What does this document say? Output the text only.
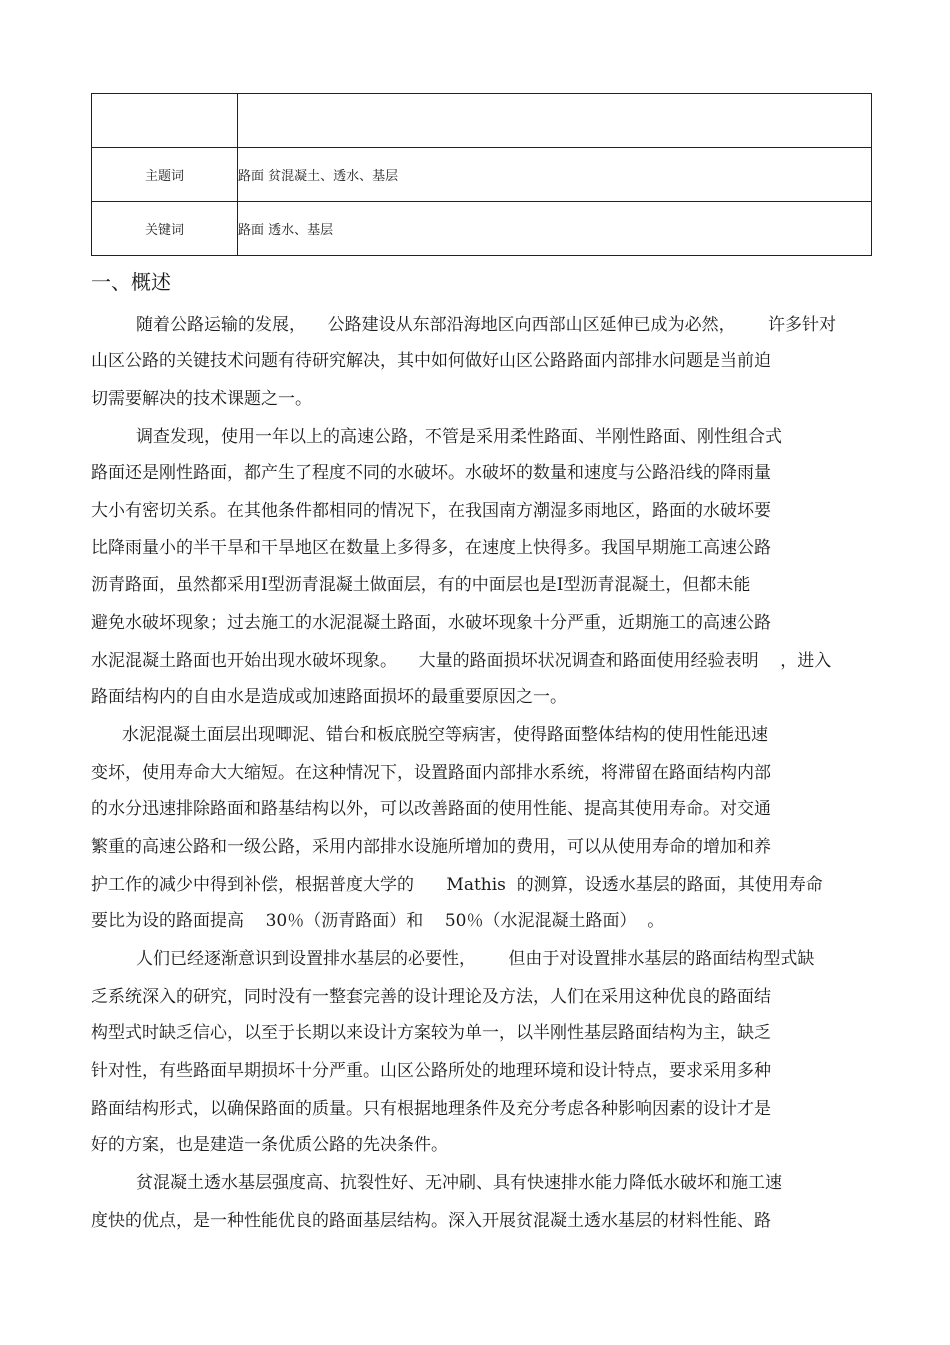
主题词	路面 贫混凝土、透水、基层
关键词	路面 透水、基层
一、概述
随着公路运输的发展，    公路建设从东部沿海地区向西部山区延伸已成为必然，      许多针对
山区公路的关键技术问题有待研究解决，其中如何做好山区公路路面内部排水问题是当前迫
切需要解决的技术课题之一。
调查发现，使用一年以上的高速公路，不管是采用柔性路面、半刚性路面、刚性组合式
路面还是刚性路面，都产生了程度不同的水破坏。水破坏的数量和速度与公路沿线的降雨量
大小有密切关系。在其他条件都相同的情况下，在我国南方潮湿多雨地区，路面的水破坏要
比降雨量小的半干旱和干旱地区在数量上多得多，在速度上快得多。我国早期施工高速公路
沥青路面，虽然都采用Ⅰ型沥青混凝土做面层，有的中面层也是Ⅰ型沥青混凝土，但都未能
避免水破坏现象；过去施工的水泥混凝土路面，水破坏现象十分严重，近期施工的高速公路
水泥混凝土路面也开始出现水破坏现象。    大量的路面损坏状况调查和路面使用经验表明    ，进入
路面结构内的自由水是造成或加速路面损坏的最重要原因之一。
水泥混凝土面层出现唧泥、错台和板底脱空等病害，使得路面整体结构的使用性能迅速
变坏，使用寿命大大缩短。在这种情况下，设置路面内部排水系统，将滞留在路面结构内部
的水分迅速排除路面和路基结构以外，可以改善路面的使用性能、提高其使用寿命。对交通
繁重的高速公路和一级公路，采用内部排水设施所增加的费用，可以从使用寿命的增加和养
护工作的减少中得到补偿，根据普度大学的      Mathis  的测算，设透水基层的路面，其使用寿命
要比为设的路面提高    30％（沥青路面）和    50％（水泥混凝土路面）  。
人们已经逐渐意识到设置排水基层的必要性，      但由于对设置排水基层的路面结构型式缺
乏系统深入的研究，同时没有一整套完善的设计理论及方法，人们在采用这种优良的路面结
构型式时缺乏信心，以至于长期以来设计方案较为单一，以半刚性基层路面结构为主，缺乏
针对性，有些路面早期损坏十分严重。山区公路所处的地理环境和设计特点，要求采用多种
路面结构形式，以确保路面的质量。只有根据地理条件及充分考虑各种影响因素的设计才是
好的方案，也是建造一条优质公路的先决条件。
贫混凝土透水基层强度高、抗裂性好、无冲刷、具有快速排水能力降低水破坏和施工速
度快的优点，是一种性能优良的路面基层结构。深入开展贫混凝土透水基层的材料性能、路
